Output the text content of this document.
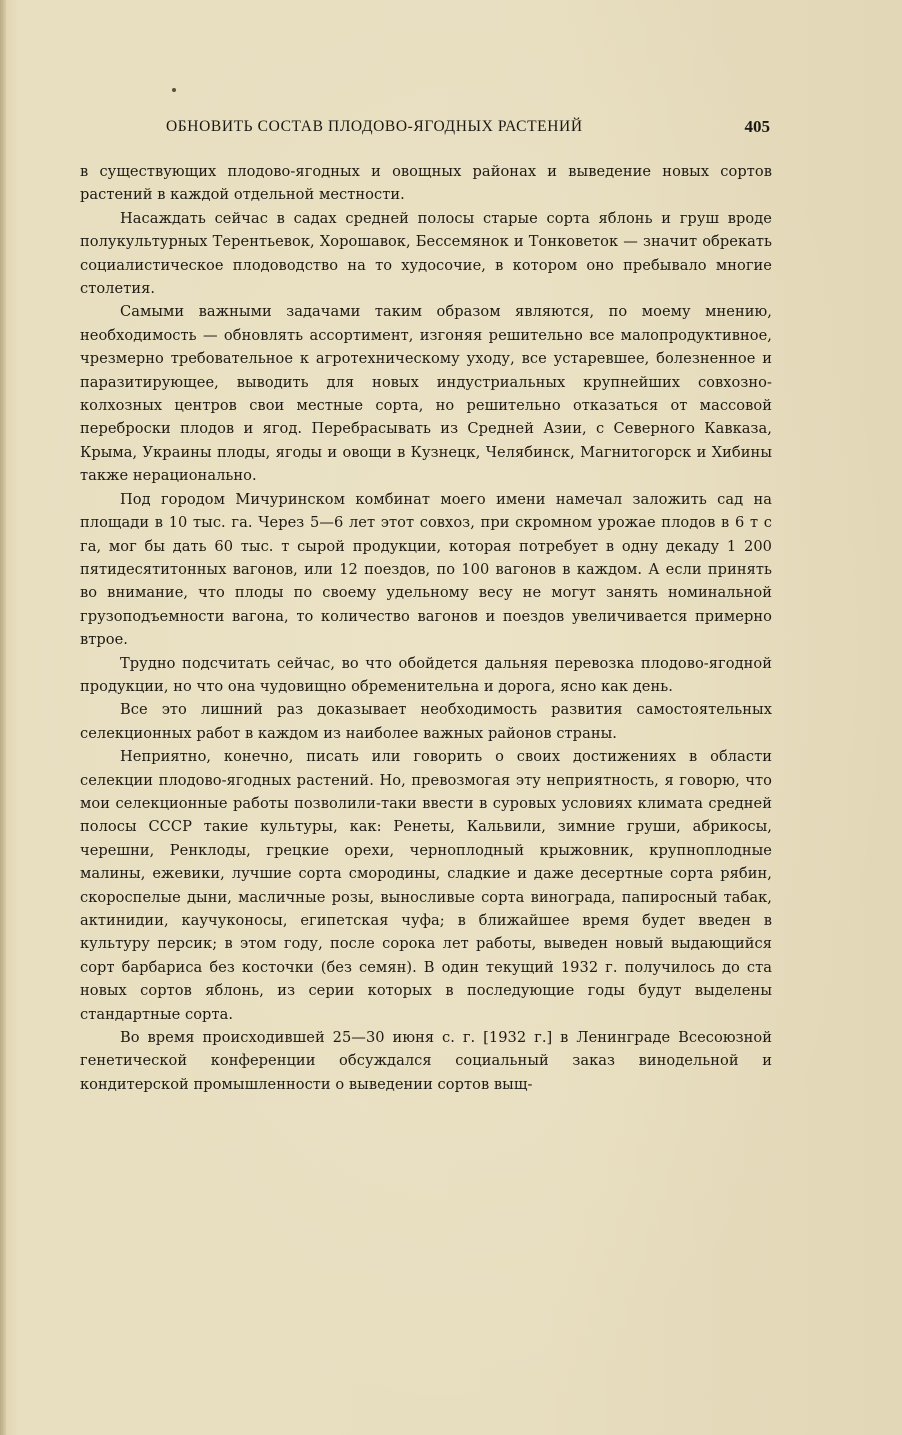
ОБНОВИТЬ СОСТАВ ПЛОДОВО-ЯГОДНЫХ РАСТЕНИЙ	405

в существующих плодово-ягодных и овощных районах и выведение новых сортов растений в каждой отдельной местности.

Насаждать сейчас в садах средней полосы старые сорта яблонь и груш вроде полукультурных Терентьевок, Хорошавок, Бессемянок и Тонковеток — значит обрекать социалистическое плодоводство на то худосочие, в котором оно пребывало многие столетия.

Самыми важными задачами таким образом являются, по моему мнению, необходимость — обновлять ассортимент, изгоняя решительно все малопродуктивное, чрезмерно требовательное к агротехническому уходу, все устаревшее, болезненное и паразитирующее, выводить для новых индустриальных крупнейших совхозно-колхозных центров свои местные сорта, но решительно отказаться от массовой переброски плодов и ягод. Перебрасывать из Средней Азии, с Северного Кавказа, Крыма, Украины плоды, ягоды и овощи в Кузнецк, Челябинск, Магнитогорск и Хибины также нерационально.

Под городом Мичуринском комбинат моего имени намечал заложить сад на площади в 10 тыс. га. Через 5—6 лет этот совхоз, при скромном урожае плодов в 6 т с га, мог бы дать 60 тыс. т сырой продукции, которая потребует в одну декаду 1 200 пятидесятитонных вагонов, или 12 поездов, по 100 вагонов в каждом. А если принять во внимание, что плоды по своему удельному весу не могут занять номинальной грузоподъемности вагона, то количество вагонов и поездов увеличивается примерно втрое.

Трудно подсчитать сейчас, во что обойдется дальняя перевозка плодово-ягодной продукции, но что она чудовищно обременительна и дорога, ясно как день.

Все это лишний раз доказывает необходимость развития самостоятельных селекционных работ в каждом из наиболее важных районов страны.

Неприятно, конечно, писать или говорить о своих достижениях в области селекции плодово-ягодных растений. Но, превозмогая эту неприятность, я говорю, что мои селекционные работы позволили-таки ввести в суровых условиях климата средней полосы СССР такие культуры, как: Ренеты, Кальвили, зимние груши, абрикосы, черешни, Ренклоды, грецкие орехи, черноплодный крыжовник, крупноплодные малины, ежевики, лучшие сорта смородины, сладкие и даже десертные сорта рябин, скороспелые дыни, масличные розы, выносливые сорта винограда, папиросный табак, актинидии, каучуконосы, египетская чуфа; в ближайшее время будет введен в культуру персик; в этом году, после сорока лет работы, выведен новый выдающийся сорт барбариса без косточки (без семян). В один текущий 1932 г. получилось до ста новых сортов яблонь, из серии которых в последующие годы будут выделены стандартные сорта.

Во время происходившей 25—30 июня с. г. [1932 г.] в Ленинграде Всесоюзной генетической конференции обсуждался социальный заказ винодельной и кондитерской промышленности о выведении сортов выщ-
